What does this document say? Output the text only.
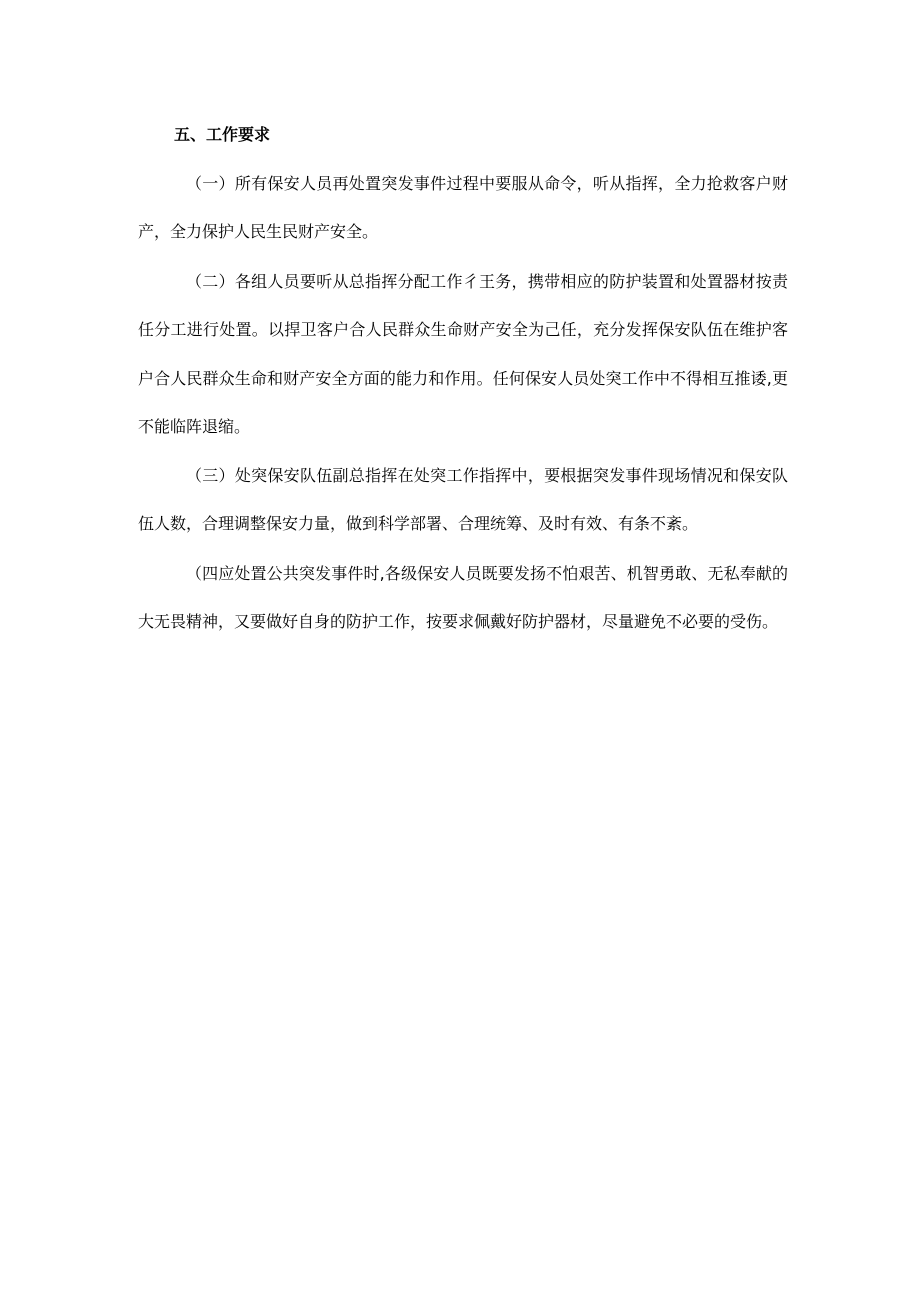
五、工作要求

（一）所有保安人员再处置突发事件过程中要服从命令，听从指挥，全力抢救客户财产，全力保护人民生民财产安全。

（二）各组人员要听从总指挥分配工作彳王务，携带相应的防护装置和处置器材按责任分工进行处置。以捍卫客户合人民群众生命财产安全为己任，充分发挥保安队伍在维护客户合人民群众生命和财产安全方面的能力和作用。任何保安人员处突工作中不得相互推诿,更不能临阵退缩。

（三）处突保安队伍副总指挥在处突工作指挥中，要根据突发事件现场情况和保安队伍人数，合理调整保安力量，做到科学部署、合理统筹、及时有效、有条不紊。

（四应处置公共突发事件时,各级保安人员既要发扬不怕艰苦、机智勇敢、无私奉献的大无畏精神，又要做好自身的防护工作，按要求佩戴好防护器材，尽量避免不必要的受伤。
